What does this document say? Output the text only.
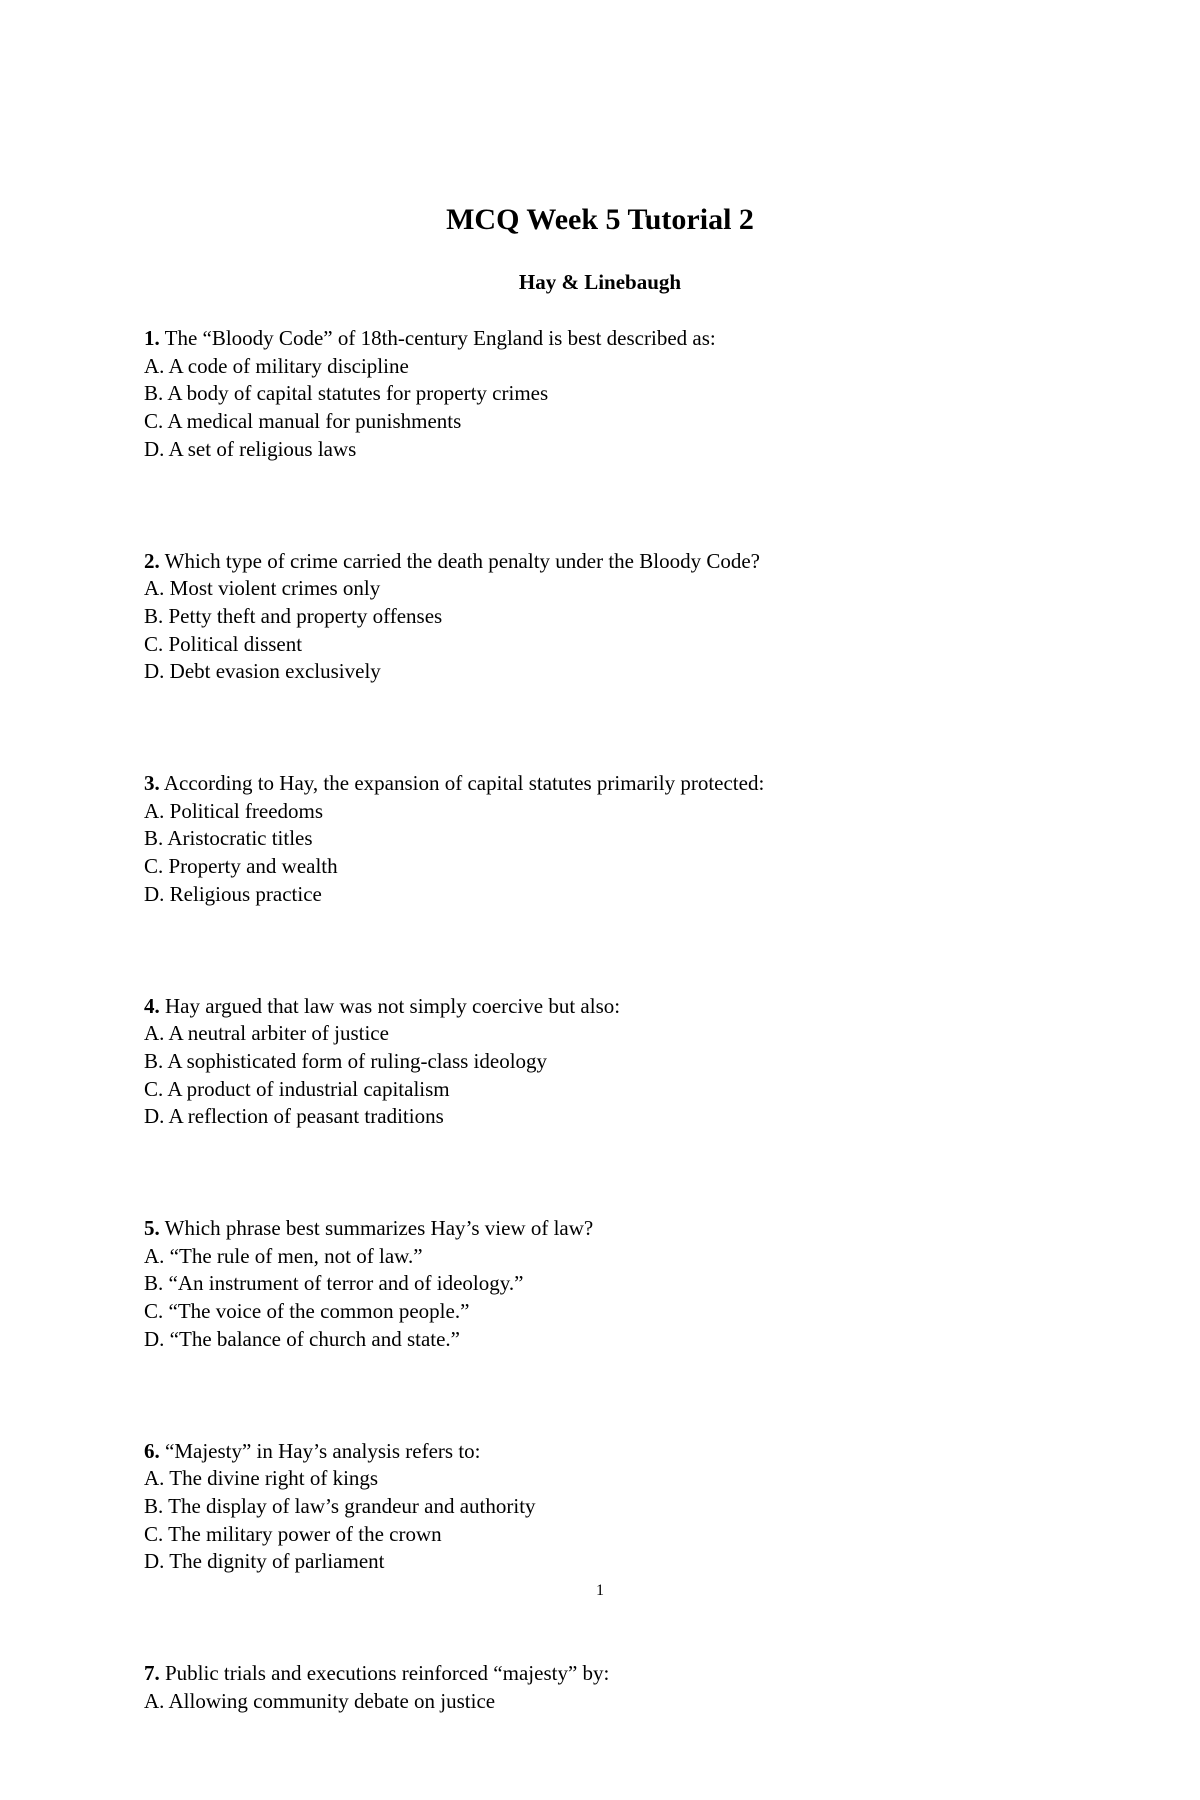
MCQ Week 5 Tutorial 2
Hay & Linebaugh
1. The “Bloody Code” of 18th-century England is best described as:
A. A code of military discipline
B. A body of capital statutes for property crimes
C. A medical manual for punishments
D. A set of religious laws
2. Which type of crime carried the death penalty under the Bloody Code?
A. Most violent crimes only
B. Petty theft and property offenses
C. Political dissent
D. Debt evasion exclusively
3. According to Hay, the expansion of capital statutes primarily protected:
A. Political freedoms
B. Aristocratic titles
C. Property and wealth
D. Religious practice
4. Hay argued that law was not simply coercive but also:
A. A neutral arbiter of justice
B. A sophisticated form of ruling-class ideology
C. A product of industrial capitalism
D. A reflection of peasant traditions
5. Which phrase best summarizes Hay’s view of law?
A. “The rule of men, not of law.”
B. “An instrument of terror and of ideology.”
C. “The voice of the common people.”
D. “The balance of church and state.”
6. “Majesty” in Hay’s analysis refers to:
A. The divine right of kings
B. The display of law’s grandeur and authority
C. The military power of the crown
D. The dignity of parliament
7. Public trials and executions reinforced “majesty” by:
A. Allowing community debate on justice
1
